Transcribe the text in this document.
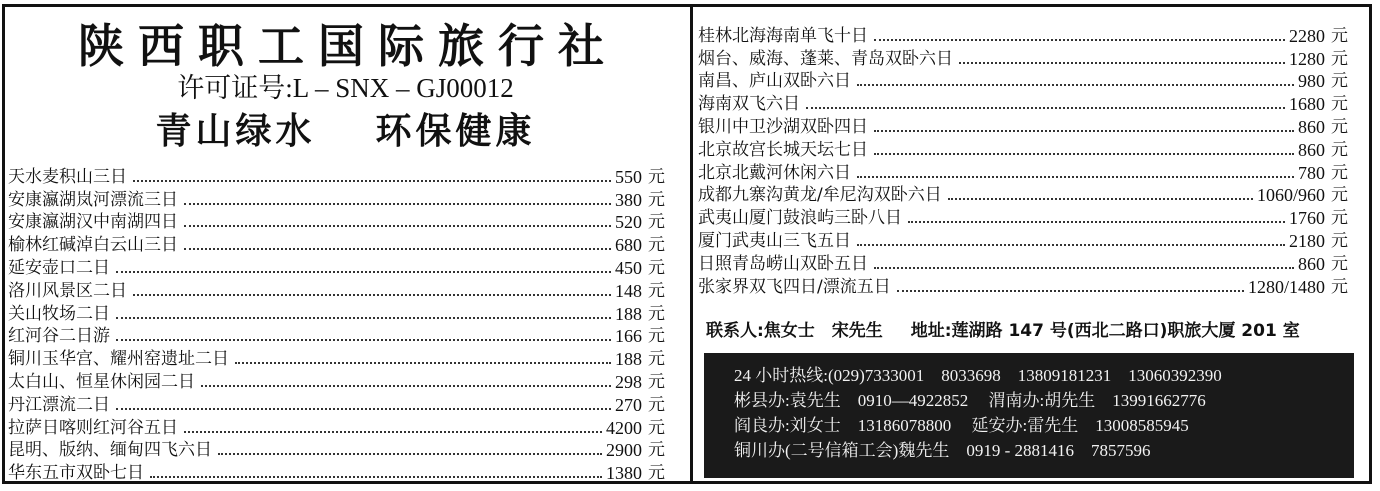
陕西职工国际旅行社
许可证号:L – SNX – GJ00012
青山绿水 环保健康
天水麦积山三日	550 元
安康瀛湖岚河漂流三日	380 元
安康瀛湖汉中南湖四日	520 元
榆林红碱淖白云山三日	680 元
延安壶口二日	450 元
洛川风景区二日	148 元
关山牧场二日	188 元
红河谷二日游	166 元
铜川玉华宫、耀州窑遗址二日	188 元
太白山、恒星休闲园二日	298 元
丹江漂流二日	270 元
拉萨日喀则红河谷五日	4200 元
昆明、版纳、缅甸四飞六日	2900 元
华东五市双卧七日	1380 元
桂林北海海南单飞十日	2280 元
烟台、威海、蓬莱、青岛双卧六日	1280 元
南昌、庐山双卧六日	980 元
海南双飞六日	1680 元
银川中卫沙湖双卧四日	860 元
北京故宫长城天坛七日	860 元
北京北戴河休闲六日	780 元
成都九寨沟黄龙/牟尼沟双卧六日	1060/960 元
武夷山厦门鼓浪屿三卧八日	1760 元
厦门武夷山三飞五日	2180 元
日照青岛崂山双卧五日	860 元
张家界双飞四日/漂流五日	1280/1480 元
联系人:焦女士　宋先生 地址:莲湖路 147 号(西北二路口)职旅大厦 201 室
24 小时热线:(029)7333001　8033698　13809181231　13060392390
彬县办:袁先生　0910—4922852 渭南办:胡先生　13991662776
阎良办:刘女士　13186078800 延安办:雷先生　13008585945
铜川办(二号信箱工会)魏先生　0919 - 2881416　7857596
